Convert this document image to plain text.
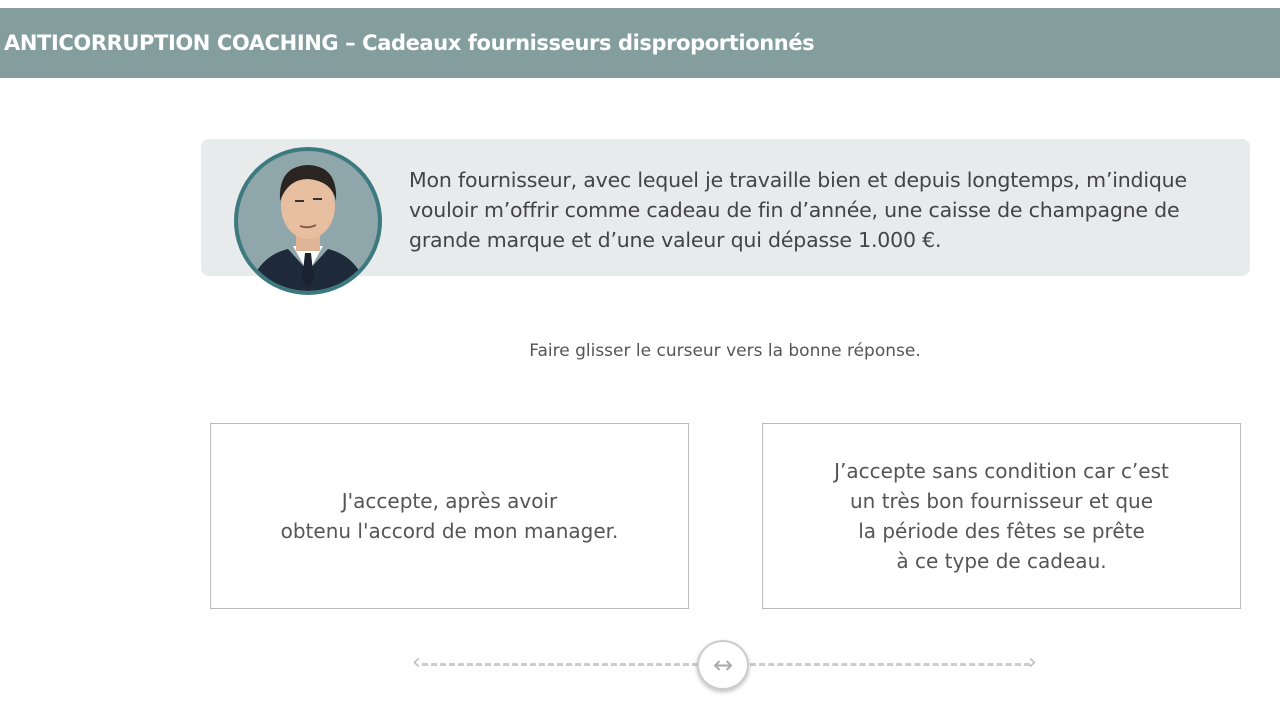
ANTICORRUPTION COACHING – Cadeaux fournisseurs disproportionnés

Mon fournisseur, avec lequel je travaille bien et depuis longtemps, m’indique vouloir m’offrir comme cadeau de fin d’année, une caisse de champagne de grande marque et d’une valeur qui dépasse 1.000 €.

Faire glisser le curseur vers la bonne réponse.
J'accepte, après avoir
obtenu l'accord de mon manager.
J’accepte sans condition car c’est
un très bon fournisseur et que
la période des fêtes se prête
à ce type de cadeau.
‹	›
↔
